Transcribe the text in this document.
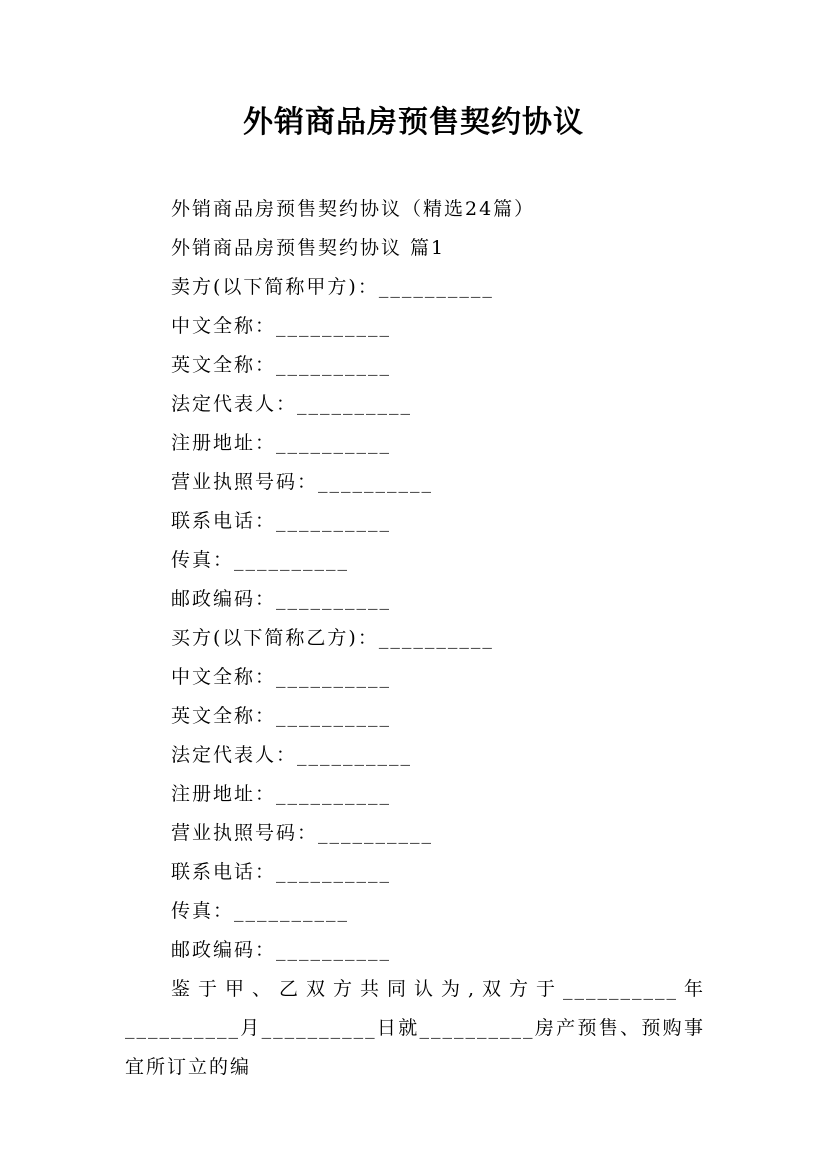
外销商品房预售契约协议
外销商品房预售契约协议（精选24篇）
外销商品房预售契约协议 篇1
卖方(以下简称甲方)：__________
中文全称：__________
英文全称：__________
法定代表人：__________
注册地址：__________
营业执照号码：__________
联系电话：__________
传真：__________
邮政编码：__________
买方(以下简称乙方)：__________
中文全称：__________
英文全称：__________
法定代表人：__________
注册地址：__________
营业执照号码：__________
联系电话：__________
传真：__________
邮政编码：__________

鉴于甲、乙双方共同认为,双方于__________年__________月__________日就__________房产预售、预购事宜所订立的编
